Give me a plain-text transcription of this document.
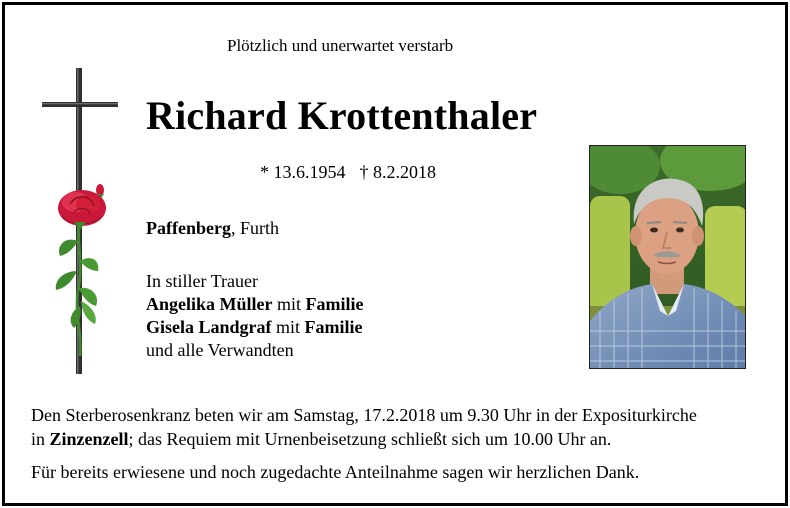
Plötzlich und unerwartet verstarb
Richard Krottenthaler
* 13.6.1954 † 8.2.2018
Paffenberg, Furth
In stiller Trauer
Angelika Müller mit Familie
Gisela Landgraf mit Familie
und alle Verwandten
Den Sterberosenkranz beten wir am Samstag, 17.2.2018 um 9.30 Uhr in der Expositurkirche
in Zinzenzell; das Requiem mit Urnenbeisetzung schließt sich um 10.00 Uhr an.
Für bereits erwiesene und noch zugedachte Anteilnahme sagen wir herzlichen Dank.
